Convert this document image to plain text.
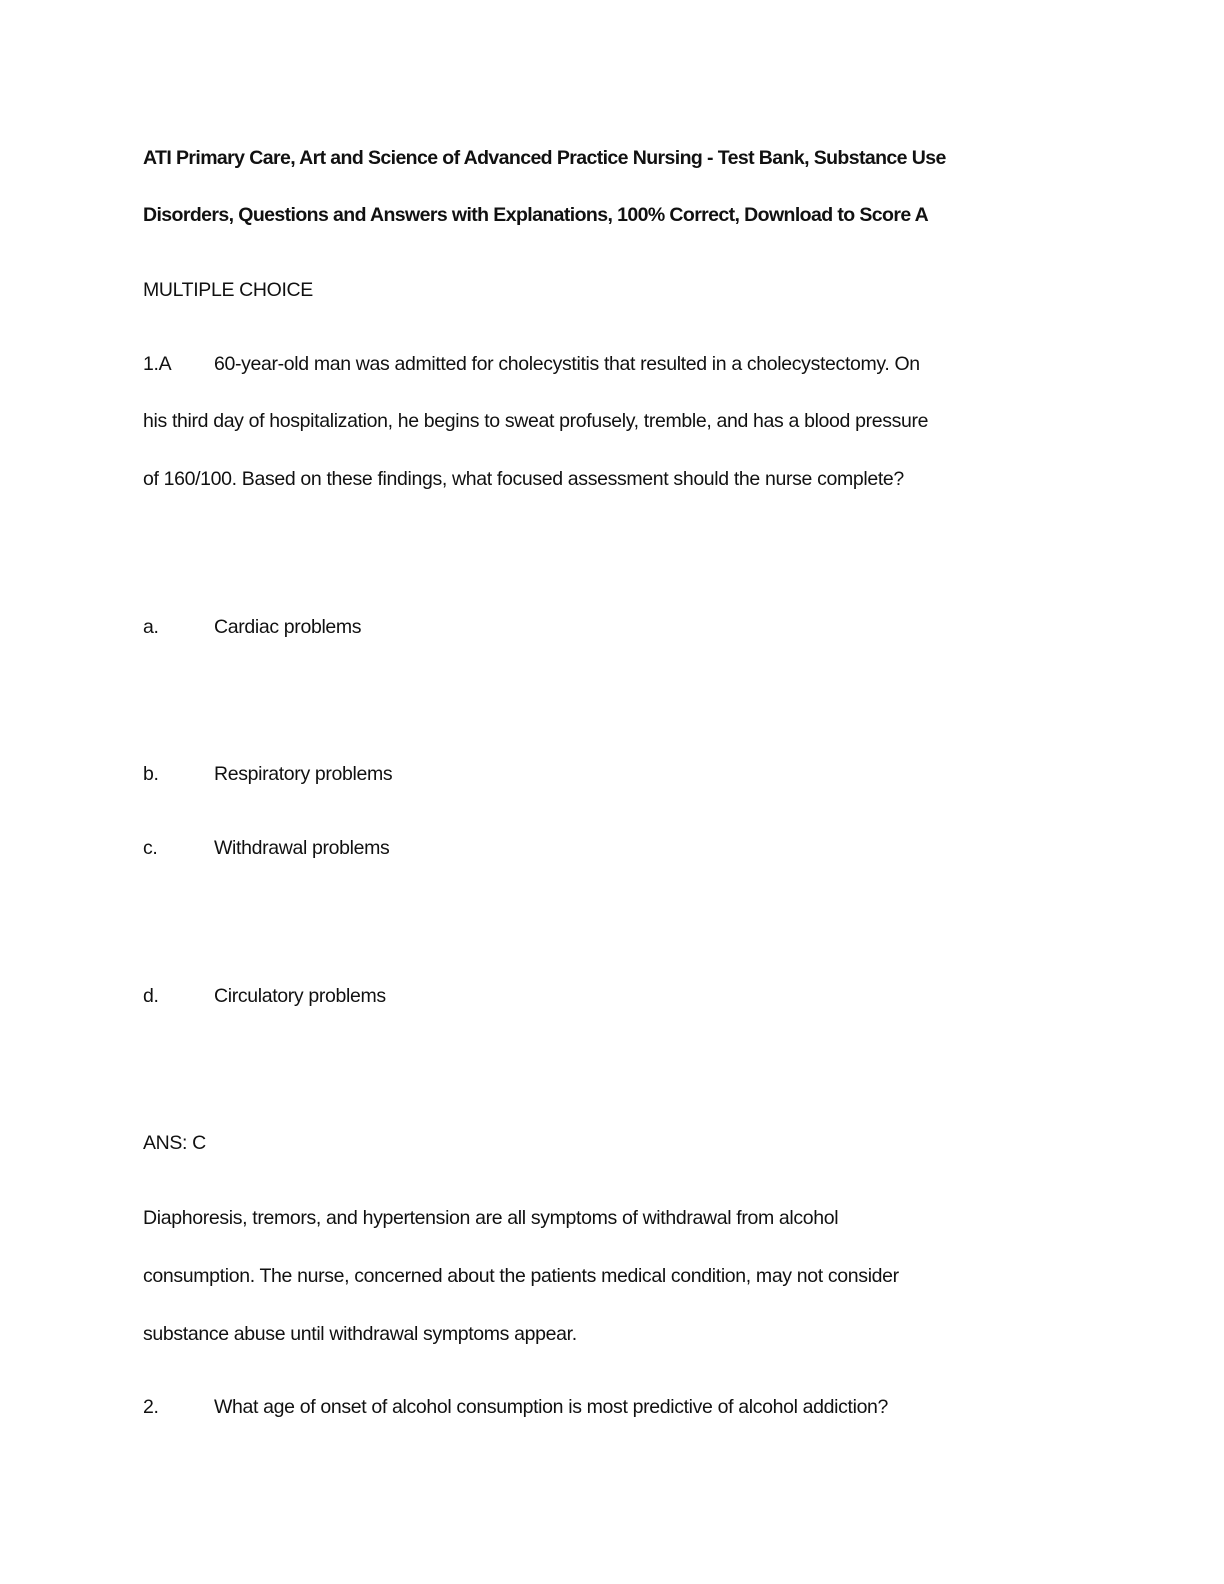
ATI Primary Care, Art and Science of Advanced Practice Nursing - Test Bank, Substance Use
Disorders, Questions and Answers with Explanations, 100% Correct, Download to Score A
MULTIPLE CHOICE
1.A 60-year-old man was admitted for cholecystitis that resulted in a cholecystectomy. On
his third day of hospitalization, he begins to sweat profusely, tremble, and has a blood pressure
of 160/100. Based on these findings, what focused assessment should the nurse complete?
a.	Cardiac problems
b.	Respiratory problems
c.	Withdrawal problems
d.	Circulatory problems
ANS: C
Diaphoresis, tremors, and hypertension are all symptoms of withdrawal from alcohol
consumption. The nurse, concerned about the patients medical condition, may not consider
substance abuse until withdrawal symptoms appear.
2.	What age of onset of alcohol consumption is most predictive of alcohol addiction?
